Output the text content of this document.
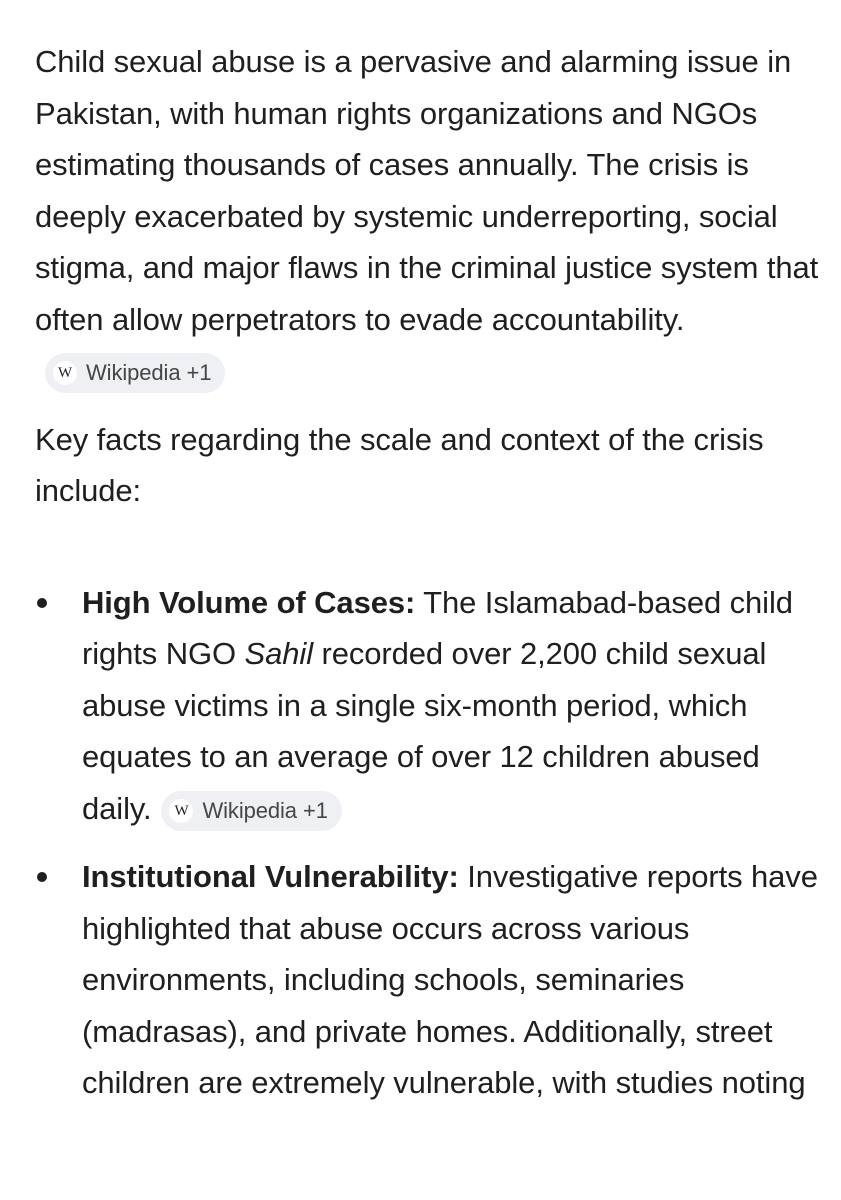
Child sexual abuse is a pervasive and alarming issue in Pakistan, with human rights organizations and NGOs estimating thousands of cases annually. The crisis is deeply exacerbated by systemic underreporting, social stigma, and major flaws in the criminal justice system that often allow perpetrators to evade accountability.
W Wikipedia +1

Key facts regarding the scale and context of the crisis include:

High Volume of Cases: The Islamabad-based child rights NGO Sahil recorded over 2,200 child sexual abuse victims in a single six-month period, which equates to an average of over 12 children abused daily.	W Wikipedia +1
Institutional Vulnerability: Investigative reports have highlighted that abuse occurs across various environments, including schools, seminaries (madrasas), and private homes. Additionally, street children are extremely vulnerable, with studies noting
